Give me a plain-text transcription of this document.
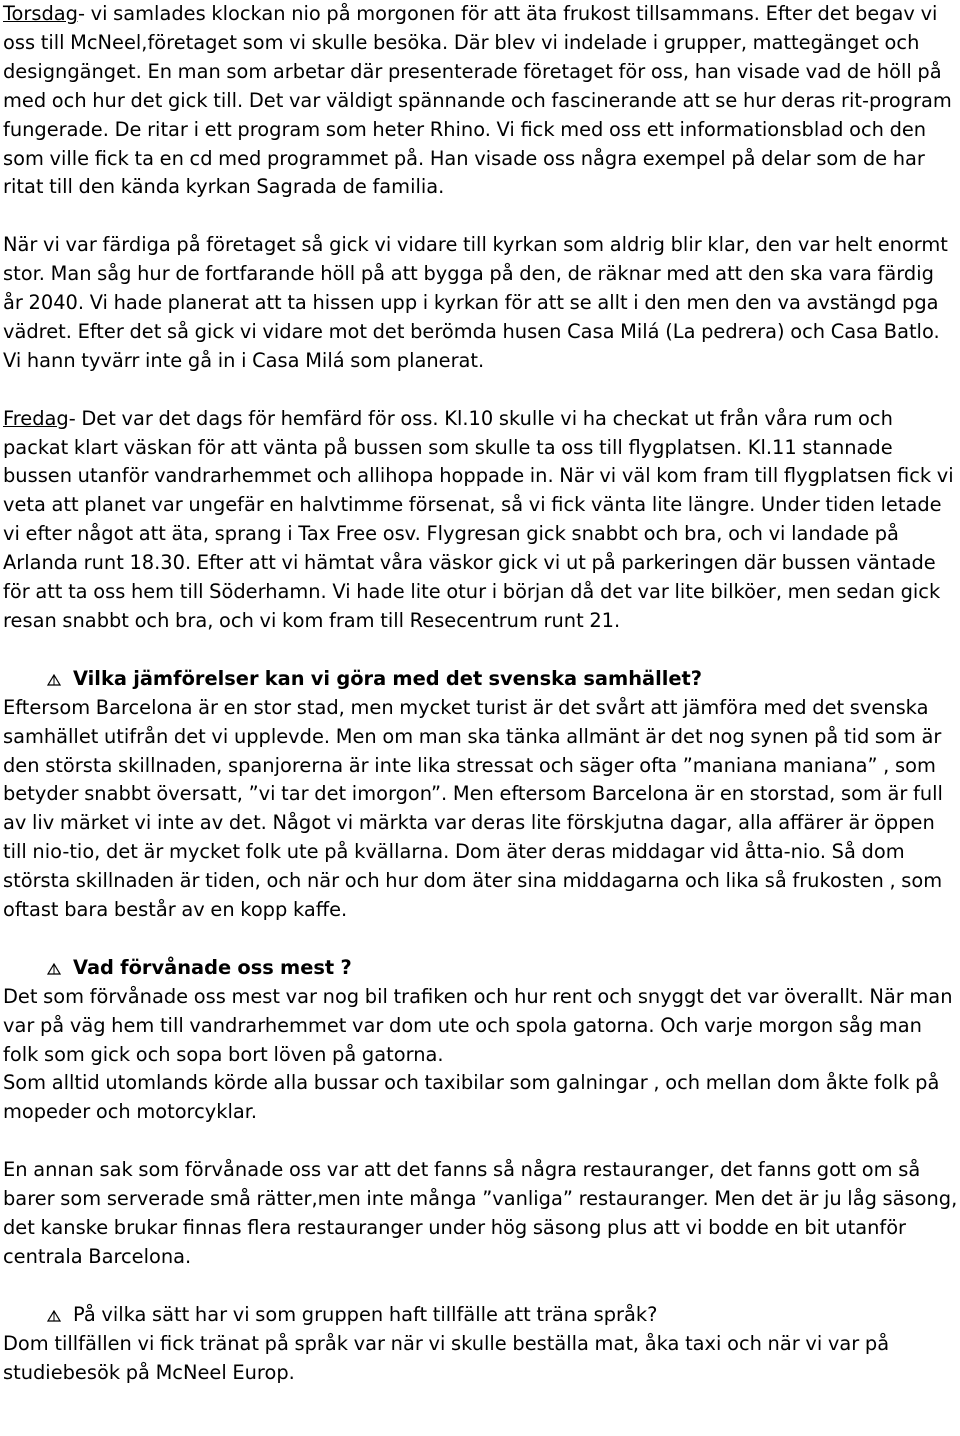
Torsdag- vi samlades klockan nio på morgonen för att äta frukost tillsammans. Efter det begav vi oss till McNeel,företaget som vi skulle besöka. Där blev vi indelade i grupper, mattegänget och designgänget. En man som arbetar där presenterade företaget för oss, han visade vad de höll på med och hur det gick till. Det var väldigt spännande och fascinerande att se hur deras rit-program fungerade. De ritar i ett program som heter Rhino. Vi fick med oss ett informationsblad och den som ville fick ta en cd med programmet på. Han visade oss några exempel på delar som de har ritat till den kända kyrkan Sagrada de familia.

När vi var färdiga på företaget så gick vi vidare till kyrkan som aldrig blir klar, den var helt enormt stor. Man såg hur de fortfarande höll på att bygga på den, de räknar med att den ska vara färdig år 2040. Vi hade planerat att ta hissen upp i kyrkan för att se allt i den men den va avstängd pga vädret. Efter det så gick vi vidare mot det berömda husen Casa Milá (La pedrera) och Casa Batlo. Vi hann tyvärr inte gå in i Casa Milá som planerat.

Fredag- Det var det dags för hemfärd för oss. Kl.10 skulle vi ha checkat ut från våra rum och packat klart väskan för att vänta på bussen som skulle ta oss till flygplatsen. Kl.11 stannade bussen utanför vandrarhemmet och allihopa hoppade in. När vi väl kom fram till flygplatsen fick vi veta att planet var ungefär en halvtimme försenat, så vi fick vänta lite längre. Under tiden letade vi efter något att äta, sprang i Tax Free osv. Flygresan gick snabbt och bra, och vi landade på Arlanda runt 18.30. Efter att vi hämtat våra väskor gick vi ut på parkeringen där bussen väntade för att ta oss hem till Söderhamn. Vi hade lite otur i början då det var lite bilköer, men sedan gick resan snabbt och bra, och vi kom fram till Resecentrum runt 21.

Vilka jämförelser kan vi göra med det svenska samhället?

Eftersom Barcelona är en stor stad, men mycket turist är det svårt att jämföra med det svenska samhället utifrån det vi upplevde. Men om man ska tänka allmänt är det nog synen på tid som är den största skillnaden, spanjorerna är inte lika stressat och säger ofta ”maniana maniana” , som betyder snabbt översatt, ”vi tar det imorgon”. Men eftersom Barcelona är en storstad, som är full av liv märket vi inte av det. Något vi märkta var deras lite förskjutna dagar, alla affärer är öppen till nio-tio, det är mycket folk ute på kvällarna. Dom äter deras middagar vid åtta-nio. Så dom största skillnaden är tiden, och när och hur dom äter sina middagarna och lika så frukosten , som oftast bara består av en kopp kaffe.

Vad förvånade oss mest ?

Det som förvånade oss mest var nog bil trafiken och hur rent och snyggt det var överallt. När man var på väg hem till vandrarhemmet var dom ute och spola gatorna. Och varje morgon såg man folk som gick och sopa bort löven på gatorna.

Som alltid utomlands körde alla bussar och taxibilar som galningar , och mellan dom åkte folk på mopeder och motorcyklar.

En annan sak som förvånade oss var att det fanns så några restauranger, det fanns gott om så barer som serverade små rätter,men inte många ”vanliga” restauranger. Men det är ju låg säsong, det kanske brukar finnas flera restauranger under hög säsong plus att vi bodde en bit utanför centrala Barcelona.

På vilka sätt har vi som gruppen haft tillfälle att träna språk?

Dom tillfällen vi fick tränat på språk var när vi skulle beställa mat, åka taxi och när vi var på studiebesök på McNeel Europ.
